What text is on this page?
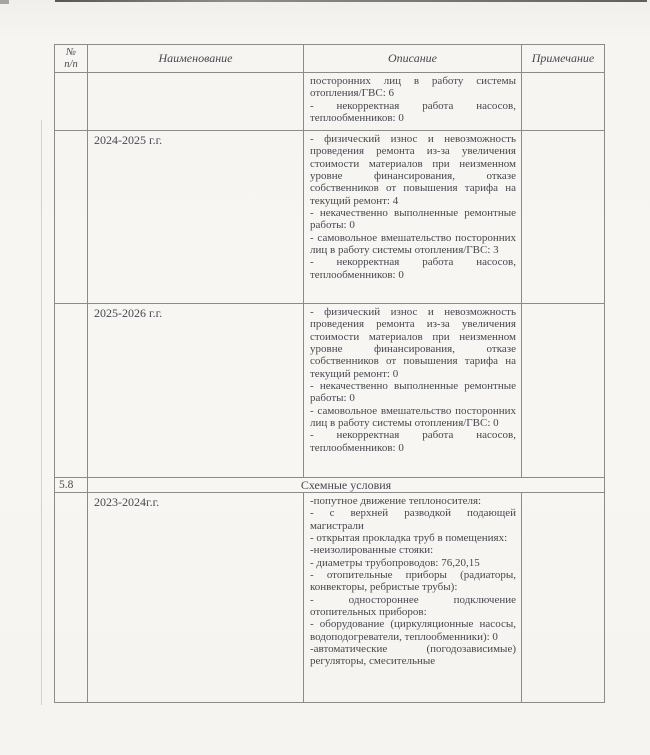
№
п/п	Наименование	Описание	Примечание

		посторонних лиц в работу системы отопления/ГВС: 6

- некорректная работа насосов, теплообменников: 0	

	2024-2025 г.г.	- физический износ и невозможность проведения ремонта из-за увеличения стоимости материалов при неизменном уровне финансирования, отказе собственников от повышения тарифа на текущий ремонт: 4

- некачественно выполненные ремонтные работы: 0

- самовольное вмешательство посторонних лиц в работу системы отопления/ГВС: 3

- некорректная работа насосов, теплообменников: 0	

	2025-2026 г.г.	- физический износ и невозможность проведения ремонта из-за увеличения стоимости материалов при неизменном уровне финансирования, отказе собственников от повышения тарифа на текущий ремонт: 0

- некачественно выполненные ремонтные работы: 0

- самовольное вмешательство посторонних лиц в работу системы отопления/ГВС: 0

- некорректная работа насосов, теплообменников: 0	

5.8	Схемные условия		
	2023-2024г.г.	-попутное движение теплоносителя:

- с верхней разводкой подающей магистрали

- открытая прокладка труб в помещениях:

-неизолированные стояки:

- диаметры трубопроводов: 76,20,15

- отопительные приборы (радиаторы, конвекторы, ребристые трубы):

- одностороннее подключение отопительных приборов:

- оборудование (циркуляционные насосы, водоподогреватели, теплообменники): 0

-автоматические (погодозависимые) регуляторы, смесительные
